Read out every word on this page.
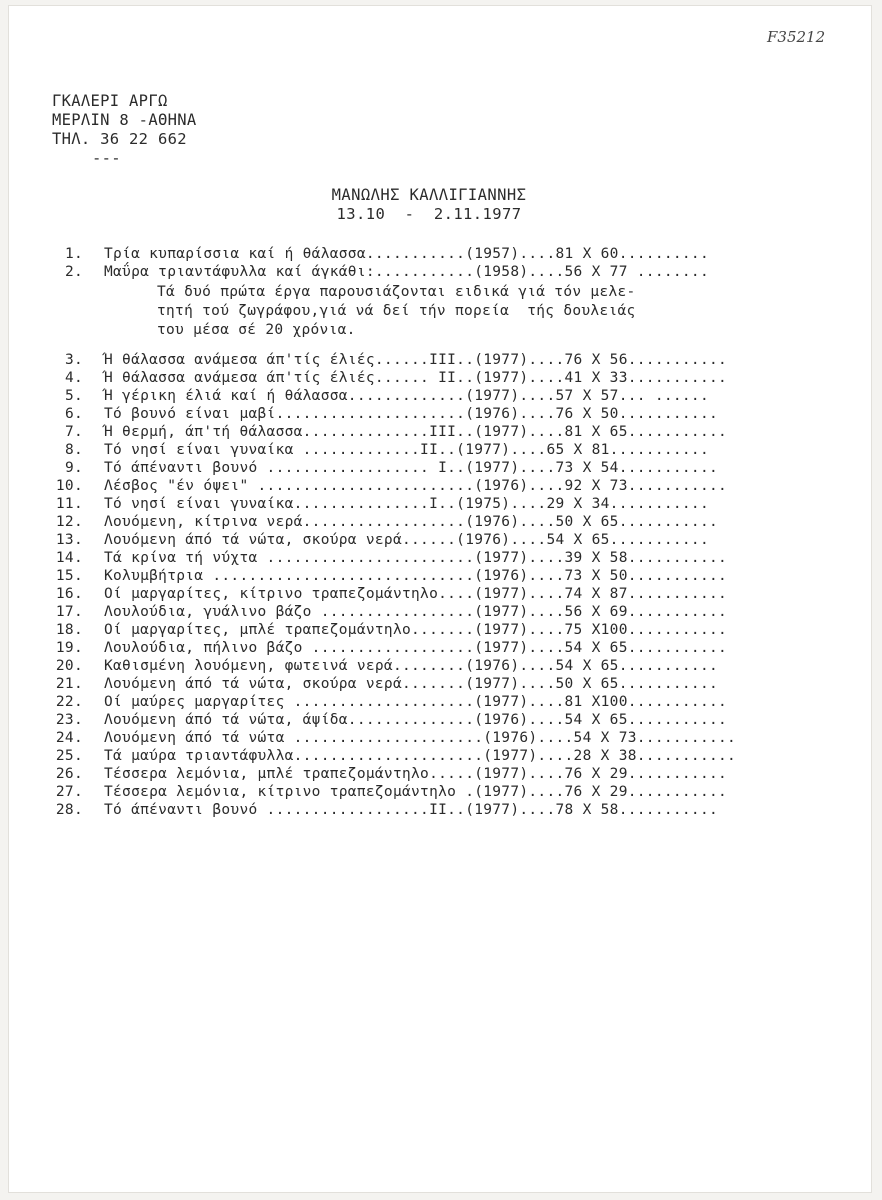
F35212
ΓΚΑΛΕΡΙ ΑΡΓΩ
ΜΕΡΛΙΝ 8 -ΑΘΗΝΑ
ΤΗΛ. 36 22 662
---
ΜΑΝΩΛΗΣ ΚΑΛΛΙΓΙΑΝΝΗΣ
13.10  -  2.11.1977
1. Τρία κυπαρίσσια καί ή θάλασσα...........(1957)....81 Χ 60..........
2. Μαΰρα τριαντάφυλλα καί άγκάθι:...........(1958)....56 Χ 77 ........
Τά δυό πρώτα έργα παρουσιάζονται ειδικά γιά τόν μελε-
τητή τού ζωγράφου,γιά νά δεί τήν πορεία  τής δουλειάς
του μέσα σέ 20 χρόνια.
3. Ή θάλασσα ανάμεσα άπ'τίς έλιές......III..(1977)....76 Χ 56...........
4. Ή θάλασσα ανάμεσα άπ'τίς έλιές...... II..(1977)....41 Χ 33...........
5. Ή γέρικη έλιά καί ή θάλασσα.............(1977)....57 Χ 57... ......
6. Τό βουνό είναι μαβί.....................(1976)....76 Χ 50...........
7. Ή θερμή, άπ'τή θάλασσα..............III..(1977)....81 Χ 65...........
8. Τό νησί είναι γυναίκα .............II..(1977)....65 Χ 81...........
9. Τό άπέναντι βουνό .................. I..(1977)....73 Χ 54...........
10. Λέσβος "έν όψει" ........................(1976)....92 Χ 73...........
11. Τό νησί είναι γυναίκα...............I..(1975)....29 Χ 34...........
12. Λουόμενη, κίτρινα νερά..................(1976)....50 Χ 65...........
13. Λουόμενη άπό τά νώτα, σκούρα νερά......(1976)....54 Χ 65...........
14. Τά κρίνα τή νύχτα .......................(1977)....39 Χ 58...........
15. Κολυμβήτρια .............................(1976)....73 Χ 50...........
16. Οί μαργαρίτες, κίτρινο τραπεζομάντηλο....(1977)....74 Χ 87...........
17. Λουλούδια, γυάλινο βάζο .................(1977)....56 Χ 69...........
18. Οί μαργαρίτες, μπλέ τραπεζομάντηλο.......(1977)....75 Χ100...........
19. Λουλούδια, πήλινο βάζο ..................(1977)....54 Χ 65...........
20. Καθισμένη λουόμενη, φωτεινά νερά........(1976)....54 Χ 65...........
21. Λουόμενη άπό τά νώτα, σκούρα νερά.......(1977)....50 Χ 65...........
22. Οί μαύρες μαργαρίτες ....................(1977)....81 Χ100...........
23. Λουόμενη άπό τά νώτα, άψίδα..............(1976)....54 Χ 65...........
24. Λουόμενη άπό τά νώτα .....................(1976)....54 Χ 73...........
25. Τά μαύρα τριαντάφυλλα.....................(1977)....28 Χ 38...........
26. Τέσσερα λεμόνια, μπλέ τραπεζομάντηλο.....(1977)....76 Χ 29...........
27. Τέσσερα λεμόνια, κίτρινο τραπεζομάντηλο .(1977)....76 Χ 29...........
28. Τό άπέναντι βουνό ..................II..(1977)....78 Χ 58...........
